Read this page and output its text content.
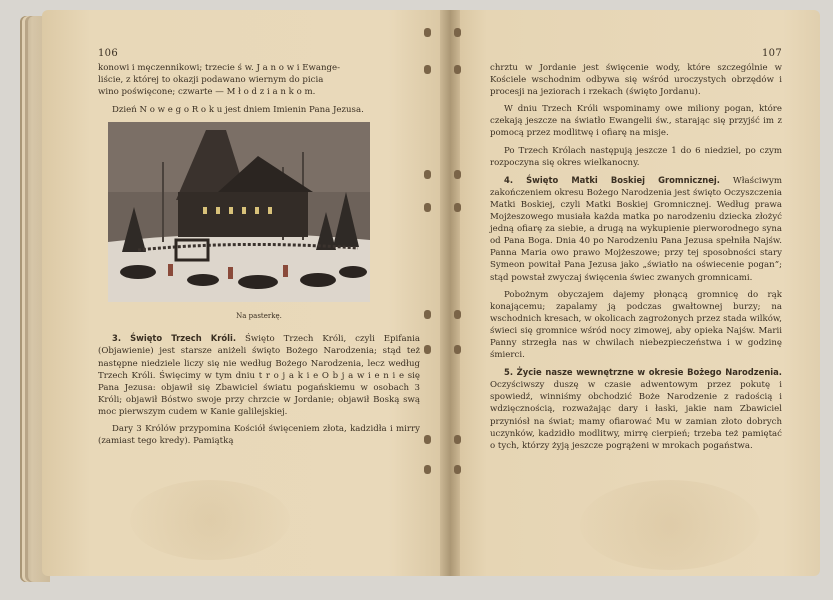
106

konowi i męczennikowi; trzecie ś w. J a n o w i Ewange-

liście, z której to okazji podawano wiernym do picia

wino poświęcone; czwarte — M ł o d z i a n k o m.

Dzień N o w e g o R o k u jest dniem Imienin Pana Jezusa.

Na pasterkę.

3. Święto Trzech Króli. Święto Trzech Króli, czyli Epifania (Objawienie) jest starsze aniżeli święto Bożego Narodzenia; stąd też następne niedziele liczy się nie według Bożego Narodzenia, lecz według Trzech Króli. Święcimy w tym dniu t r o j a k i e O b j a w i e n i e się Pana Jezusa: objawił się Zbawiciel światu pogańskiemu w osobach 3 Króli; objawił Bóstwo swoje przy chrzcie w Jordanie; objawił Boską swą moc pierwszym cudem w Kanie galilejskiej.

Dary 3 Królów przypomina Kościół święceniem złota, kadzidła i mirry (zamiast tego kredy). Pamiątką

107

chrztu w Jordanie jest święcenie wody, które szczególnie w Kościele wschodnim odbywa się wśród uroczystych obrzędów i procesji na jeziorach i rzekach (święto Jordanu).

W dniu Trzech Króli wspominamy owe miliony pogan, które czekają jeszcze na światło Ewangelii św., starając się przyjść im z pomocą przez modlitwę i ofiarę na misje.

Po Trzech Królach następują jeszcze 1 do 6 niedziel, po czym rozpoczyna się okres wielkanocny.

4. Święto Matki Boskiej Gromnicznej. Właściwym zakończeniem okresu Bożego Narodzenia jest święto Oczyszczenia Matki Boskiej, czyli Matki Boskiej Gromnicznej. Według prawa Mojżeszowego musiała każda matka po narodzeniu dziecka złożyć jedną ofiarę za siebie, a drugą na wykupienie pierworodnego syna od Pana Boga. Dnia 40 po Narodzeniu Pana Jezusa spełniła Najśw. Panna Maria owo prawo Mojżeszowe; przy tej sposobności stary Symeon powitał Pana Jezusa jako „światło na oświecenie pogan”; stąd powstał zwyczaj święcenia świec zwanych gromnicami.

Pobożnym obyczajem dajemy płonącą gromnicę do rąk konającemu; zapalamy ją podczas gwałtownej burzy; na wschodnich kresach, w okolicach zagrożonych przez stada wilków, świeci się gromnice wśród nocy zimowej, aby opieka Najśw. Marii Panny strzegła nas w chwilach niebezpieczeństwa i w godzinę śmierci.

5. Życie nasze wewnętrzne w okresie Bożego Narodzenia. Oczyściwszy duszę w czasie adwentowym przez pokutę i spowiedź, winniśmy obchodzić Boże Narodzenie z radością i wdzięcznością, rozważając dary i łaski, jakie nam Zbawiciel przyniósł na świat; mamy ofiarować Mu w zamian złoto dobrych uczynków, kadzidło modlitwy, mirrę cierpień; trzeba też pamiętać o tych, którzy żyją jeszcze pogrążeni w mrokach pogaństwa.
